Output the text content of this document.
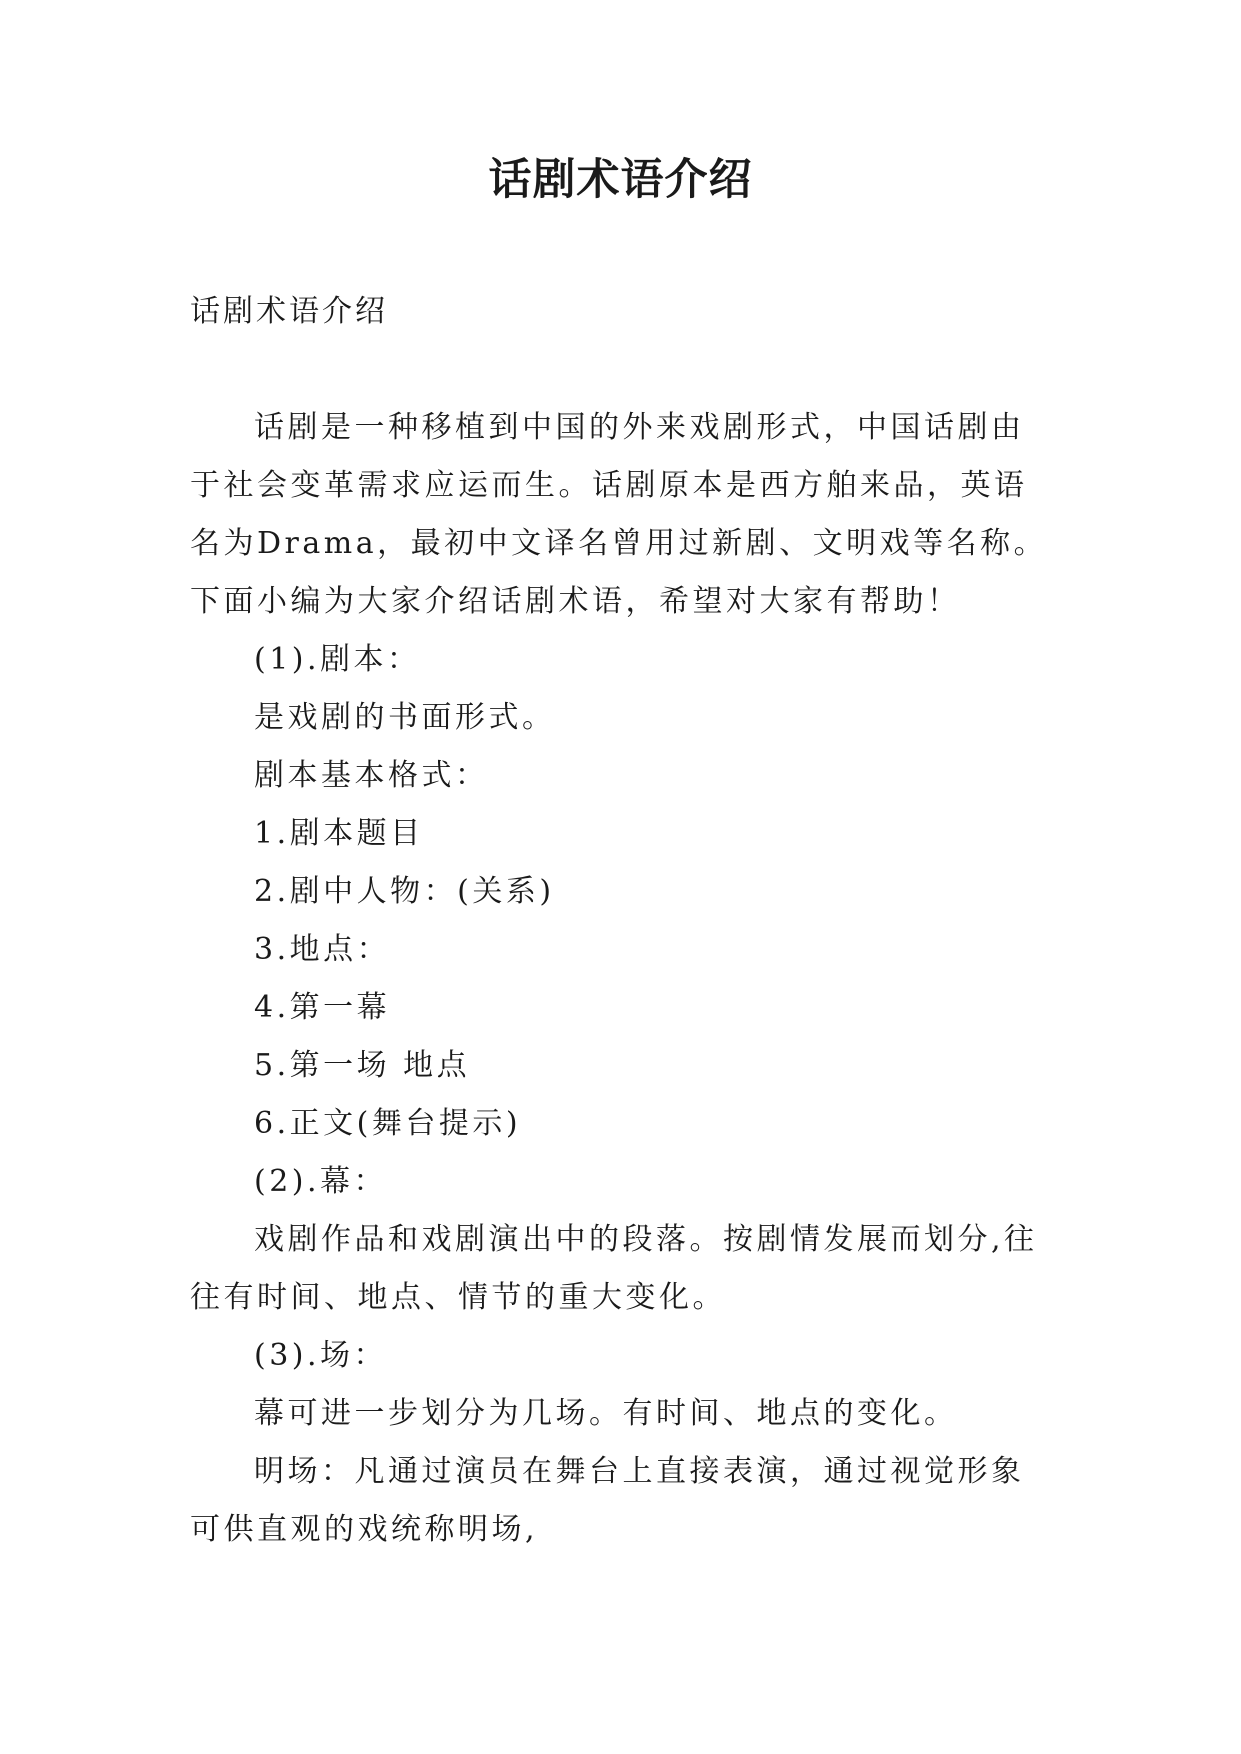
话剧术语介绍

话剧术语介绍

话剧是一种移植到中国的外来戏剧形式，中国话剧由于社会变革需求应运而生。话剧原本是西方舶来品，英语名为Drama，最初中文译名曾用过新剧、文明戏等名称。下面小编为大家介绍话剧术语，希望对大家有帮助！

(1).剧本：

是戏剧的书面形式。

剧本基本格式：

1.剧本题目

2.剧中人物：(关系)

3.地点：

4.第一幕

5.第一场 地点

6.正文(舞台提示)

(2).幕：

戏剧作品和戏剧演出中的段落。按剧情发展而划分,往往有时间、地点、情节的重大变化。

(3).场：

幕可进一步划分为几场。有时间、地点的变化。

明场：凡通过演员在舞台上直接表演，通过视觉形象可供直观的戏统称明场,
